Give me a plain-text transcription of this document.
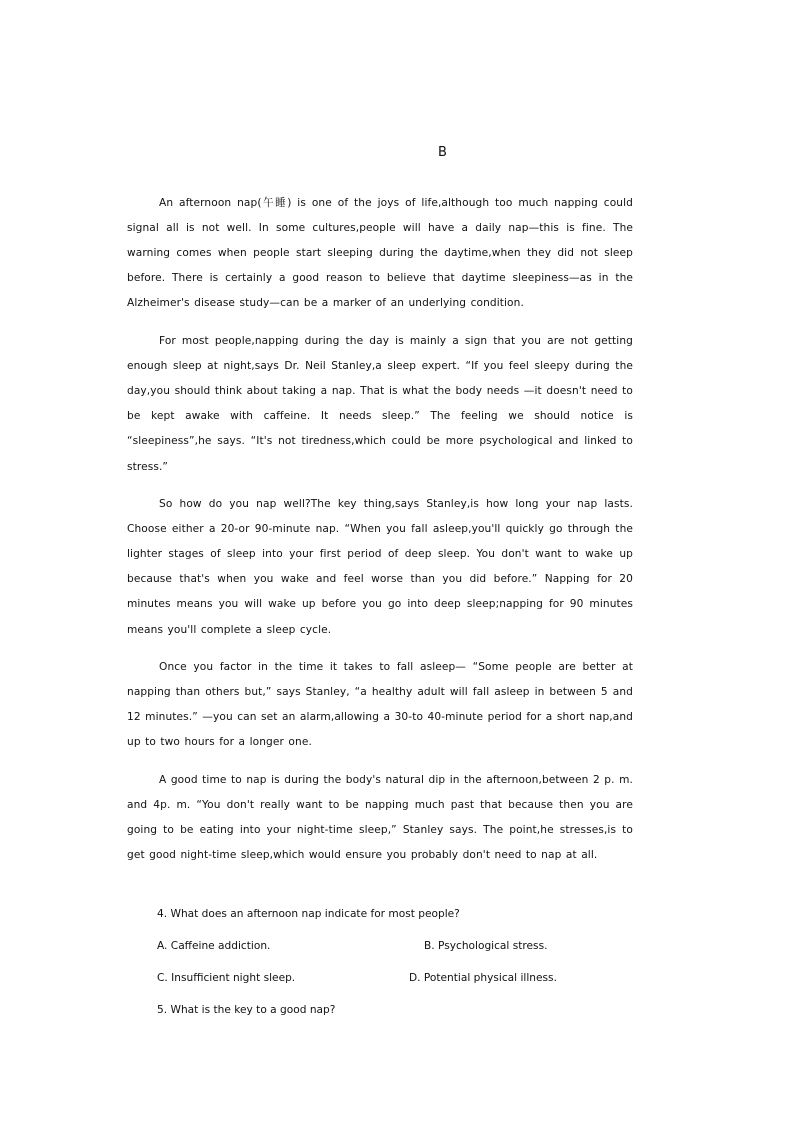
B

An afternoon nap(午睡) is one of the joys of life,although too much napping could signal all is not well. In some cultures,people will have a daily nap—this is fine. The warning comes when people start sleeping during the daytime,when they did not sleep before. There is certainly a good reason to believe that daytime sleepiness—as in the Alzheimer's disease study—can be a marker of an underlying condition.

For most people,napping during the day is mainly a sign that you are not getting enough sleep at night,says Dr. Neil Stanley,a sleep expert. “If you feel sleepy during the day,you should think about taking a nap. That is what the body needs —it doesn't need to be kept awake with caffeine. It needs sleep.” The feeling we should notice is “sleepiness”,he says. “It's not tiredness,which could be more psychological and linked to stress.”

So how do you nap well?The key thing,says Stanley,is how long your nap lasts. Choose either a 20-or 90-minute nap. “When you fall asleep,you'll quickly go through the lighter stages of sleep into your first period of deep sleep. You don't want to wake up because that's when you wake and feel worse than you did before.” Napping for 20 minutes means you will wake up before you go into deep sleep;napping for 90 minutes means you'll complete a sleep cycle.

Once you factor in the time it takes to fall asleep— “Some people are better at napping than others but,” says Stanley, “a healthy adult will fall asleep in between 5 and 12 minutes.” —you can set an alarm,allowing a 30-to 40-minute period for a short nap,and up to two hours for a longer one.

A good time to nap is during the body's natural dip in the afternoon,between 2 p. m. and 4p. m. “You don't really want to be napping much past that because then you are going to be eating into your night-time sleep,” Stanley says. The point,he stresses,is to get good night-time sleep,which would ensure you probably don't need to nap at all.

4. What does an afternoon nap indicate for most people?
A. Caffeine addiction.	B. Psychological stress.
C. Insufficient night sleep.	D. Potential physical illness.
5. What is the key to a good nap?
